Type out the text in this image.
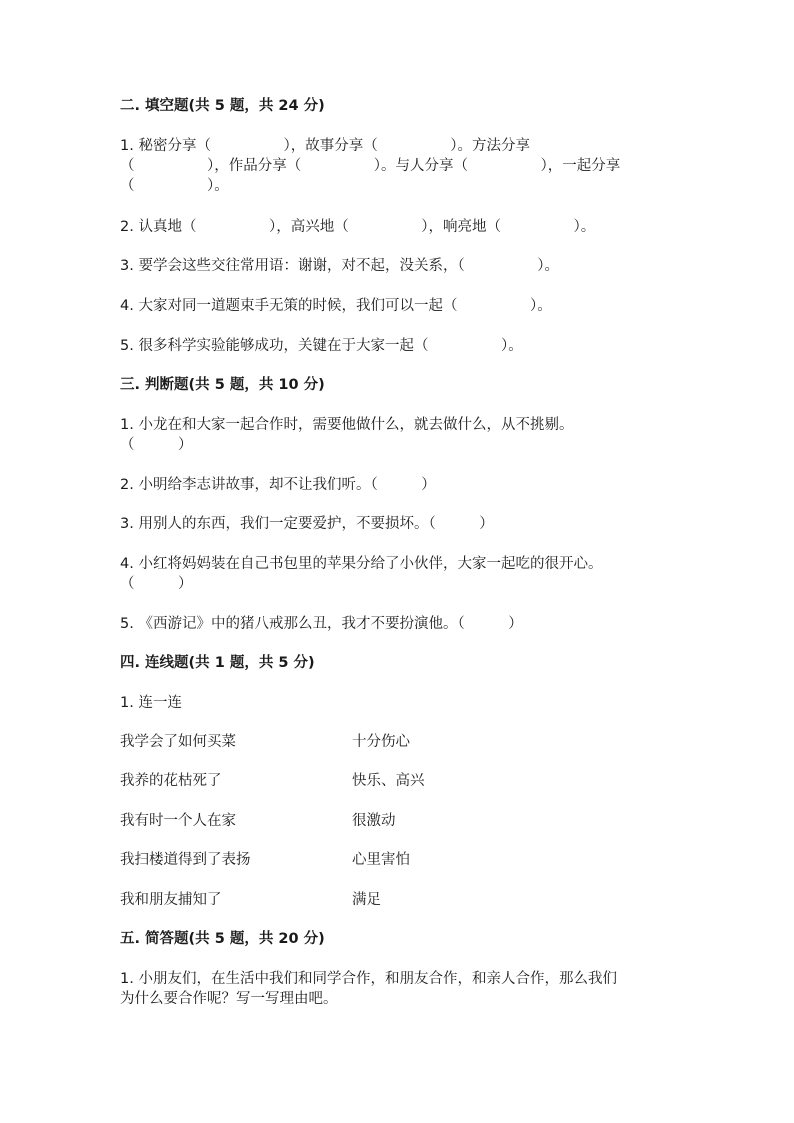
二. 填空题(共 5 题，共 24 分)

1. 秘密分享（　　　　　），故事分享（　　　　　）。方法分享

（　　　　　），作品分享（　　　　　）。与人分享（　　　　　），一起分享

（　　　　　）。

2. 认真地（　　　　　），高兴地（　　　　　），响亮地（　　　　　）。

3. 要学会这些交往常用语：谢谢，对不起，没关系，（　　　　　）。

4. 大家对同一道题束手无策的时候，我们可以一起（　　　　　）。

5. 很多科学实验能够成功，关键在于大家一起（　　　　　）。

三. 判断题(共 5 题，共 10 分)

1. 小龙在和大家一起合作时，需要他做什么，就去做什么，从不挑剔。

（　　　）

2. 小明给李志讲故事，却不让我们听。（　　　）

3. 用别人的东西，我们一定要爱护，不要损坏。（　　　）

4. 小红将妈妈装在自己书包里的苹果分给了小伙伴，大家一起吃的很开心。

（　　　）

5. 《西游记》中的猪八戒那么丑，我才不要扮演他。（　　　）

四. 连线题(共 1 题，共 5 分)

1. 连一连

我学会了如何买菜	十分伤心

我养的花枯死了	快乐、高兴

我有时一个人在家	很激动

我扫楼道得到了表扬	心里害怕

我和朋友捕知了	满足

五. 简答题(共 5 题，共 20 分)

1. 小朋友们，在生活中我们和同学合作，和朋友合作，和亲人合作，那么我们

为什么要合作呢？写一写理由吧。
